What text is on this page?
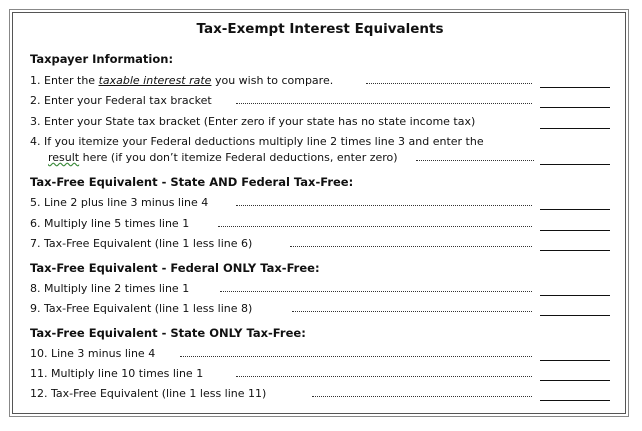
Tax-Exempt Interest Equivalents
Taxpayer Information:
1. Enter the taxable interest rate you wish to compare.
2. Enter your Federal tax bracket
3. Enter your State tax bracket (Enter zero if your state has no state income tax)
4. If you itemize your Federal deductions multiply line 2 times line 3 and enter the
result here (if you don’t itemize Federal deductions, enter zero)
Tax-Free Equivalent - State AND Federal Tax-Free:
5. Line 2 plus line 3 minus line 4
6. Multiply line 5 times line 1
7. Tax-Free Equivalent (line 1 less line 6)
Tax-Free Equivalent - Federal ONLY Tax-Free:
8. Multiply line 2 times line 1
9. Tax-Free Equivalent (line 1 less line 8)
Tax-Free Equivalent - State ONLY Tax-Free:
10. Line 3 minus line 4
11. Multiply line 10 times line 1
12. Tax-Free Equivalent (line 1 less line 11)
